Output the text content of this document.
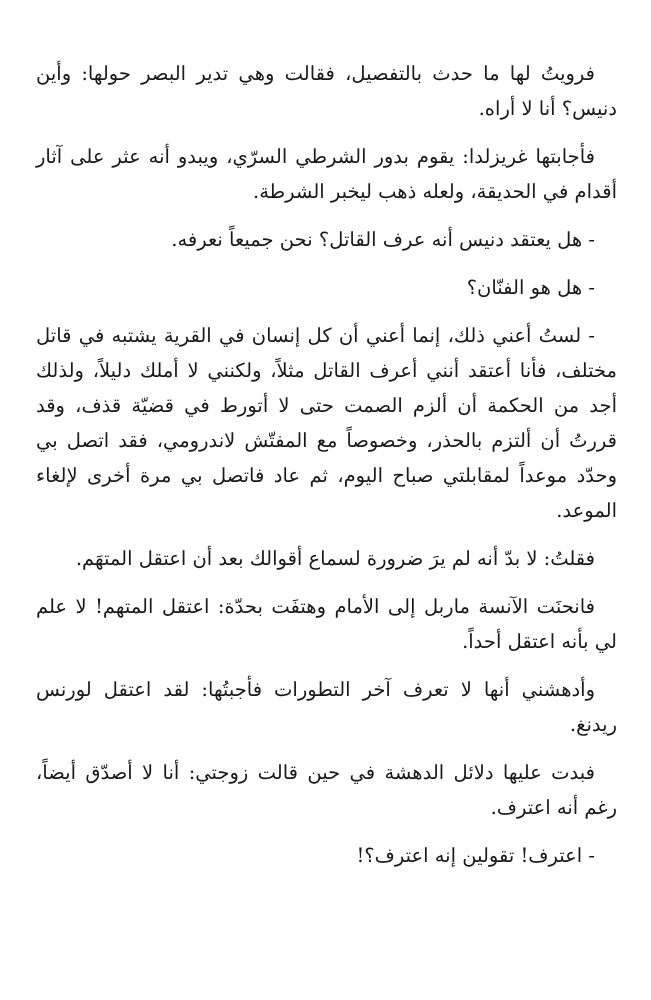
فرويتُ لها ما حدث بالتفصيل، فقالت وهي تدير البصر حولها: وأين دنيس؟ أنا لا أراه.

فأجابتها غريزلدا: يقوم بدور الشرطي السرّي، ويبدو أنه عثر على آثار أقدام في الحديقة، ولعله ذهب ليخبر الشرطة.

- هل يعتقد دنيس أنه عرف القاتل؟ نحن جميعاً نعرفه.

- هل هو الفنّان؟

- لستُ أعني ذلك، إنما أعني أن كل إنسان في القرية يشتبه في قاتل مختلف، فأنا أعتقد أنني أعرف القاتل مثلاً، ولكنني لا أملك دليلاً، ولذلك أجد من الحكمة أن ألزم الصمت حتى لا أتورط في قضيّة قذف، وقد قررتُ أن ألتزم بالحذر، وخصوصاً مع المفتّش لاندرومي، فقد اتصل بي وحدّد موعداً لمقابلتي صباح اليوم، ثم عاد فاتصل بي مرة أخرى لإلغاء الموعد.

فقلتُ: لا بدّ أنه لم يرَ ضرورة لسماع أقوالك بعد أن اعتقل المتهَم.

فانحنَت الآنسة ماربل إلى الأمام وهتفَت بحدّة: اعتقل المتهم! لا علم لي بأنه اعتقل أحداً.

وأدهشني أنها لا تعرف آخر التطورات فأجبتُها: لقد اعتقل لورنس ريدنغ.

فبدت عليها دلائل الدهشة في حين قالت زوجتي: أنا لا أصدّق أيضاً، رغم أنه اعترف.

- اعترف! تقولين إنه اعترف؟!
